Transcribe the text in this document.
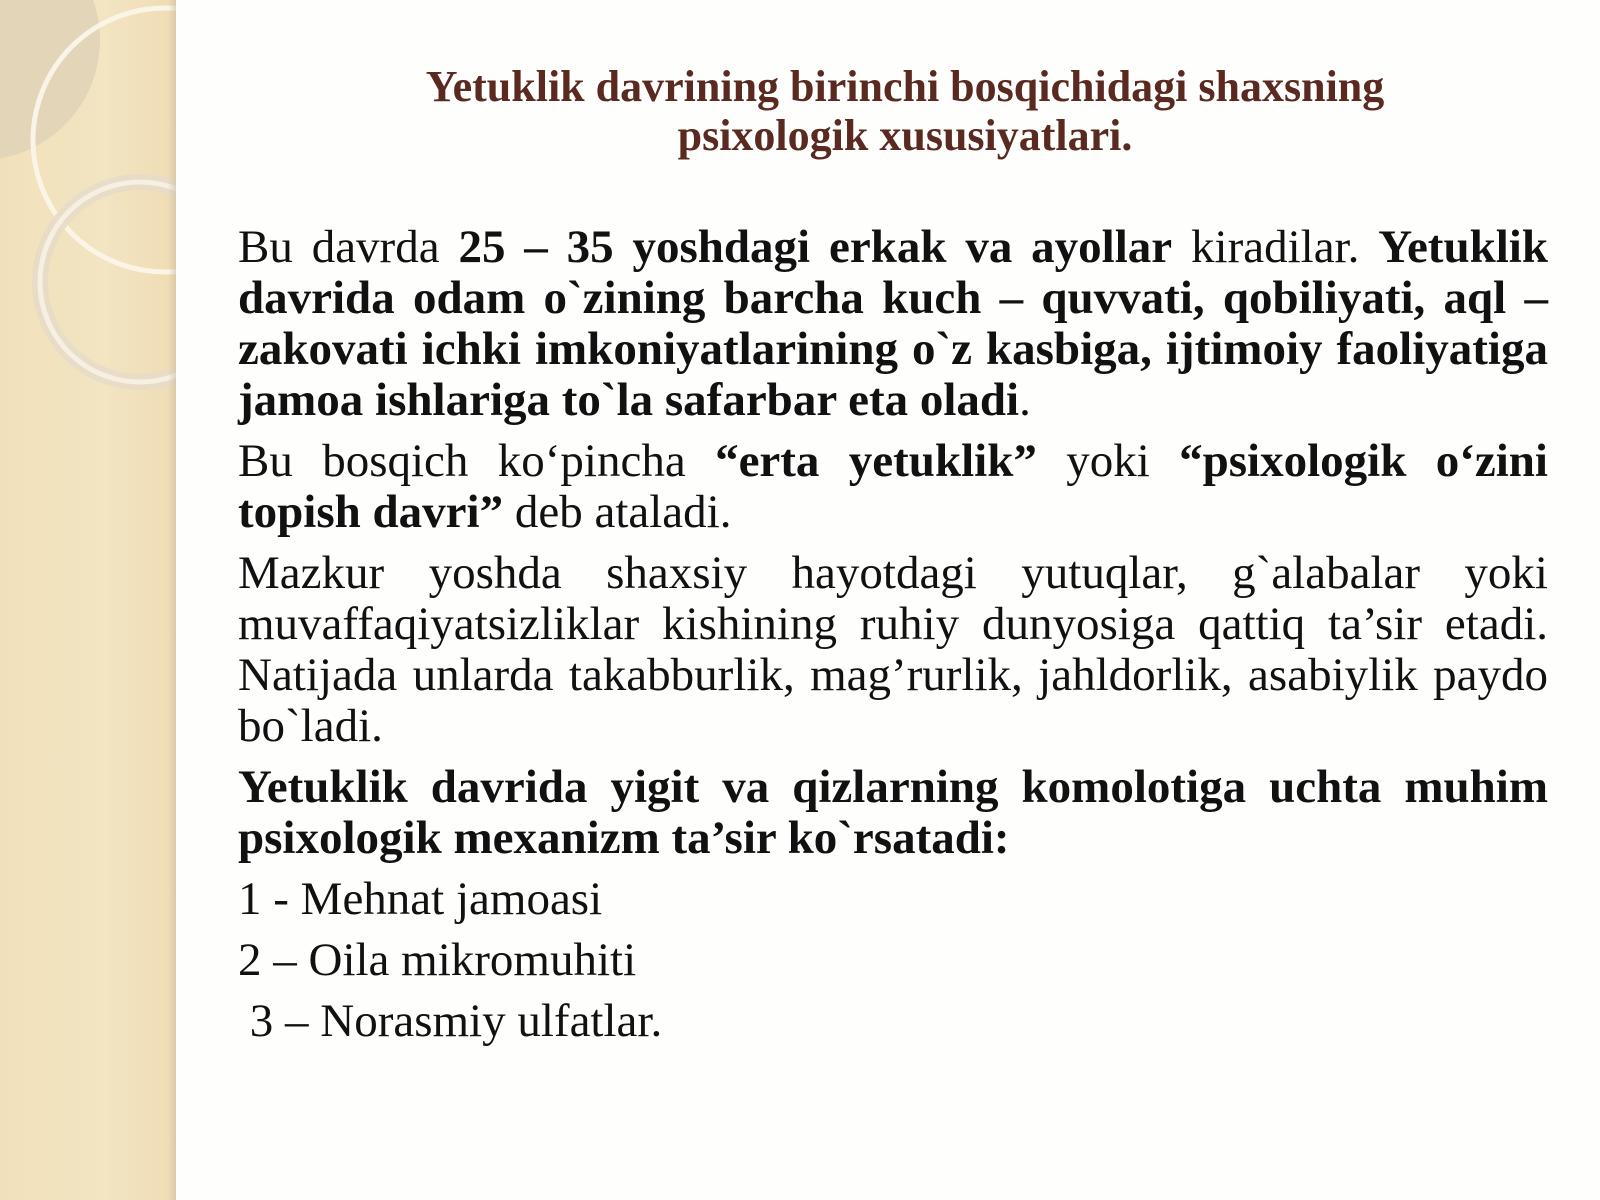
Yetuklik davrining birinchi bosqichidagi shaxsning
psixologik xususiyatlari.

Bu davrda 25 – 35 yoshdagi erkak va ayollar kiradilar. Yetuklik davrida odam o`zining barcha kuch – quvvati, qobiliyati, aql – zakovati ichki imkoniyatlarining o`z kasbiga, ijtimoiy faoliyatiga jamoa ishlariga to`la safarbar eta oladi.

Bu bosqich ko‘pincha “erta yetuklik” yoki “psixologik o‘zini topish davri” deb ataladi.

Mazkur yoshda shaxsiy hayotdagi yutuqlar, g`alabalar yoki muvaffaqiyatsizliklar kishining ruhiy dunyosiga qattiq ta’sir etadi. Natijada unlarda takabburlik, mag’rurlik, jahldorlik, asabiylik paydo bo`ladi.

Yetuklik davrida yigit va qizlarning komolotiga uchta muhim psixologik mexanizm ta’sir ko`rsatadi:

1 - Mehnat jamoasi
2 – Oila mikromuhiti
3 – Norasmiy ulfatlar.
